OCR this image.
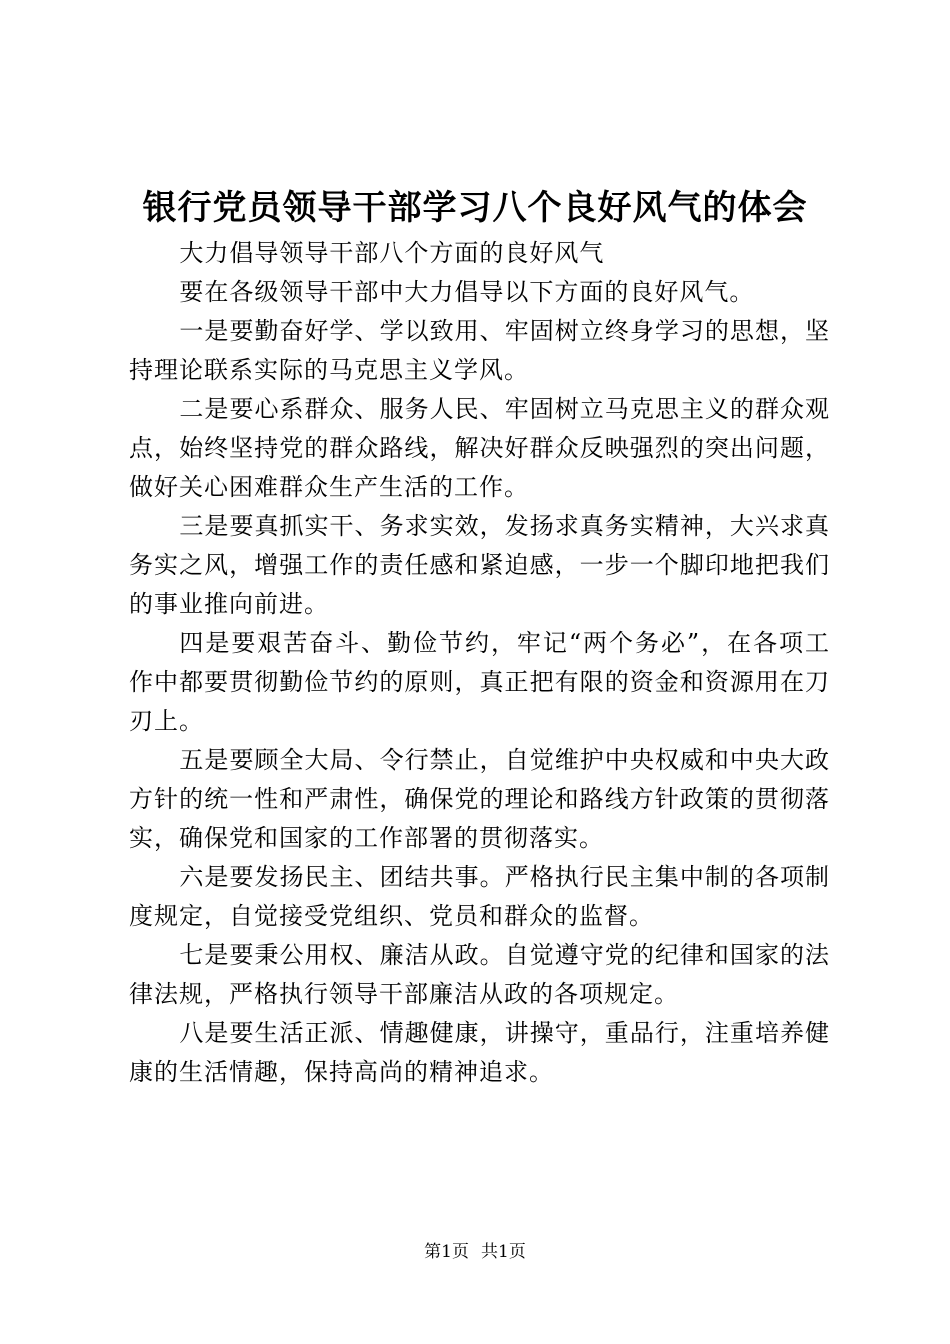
银行党员领导干部学习八个良好风气的体会

大力倡导领导干部八个方面的良好风气

要在各级领导干部中大力倡导以下方面的良好风气。

一是要勤奋好学、学以致用、牢固树立终身学习的思想，坚持理论联系实际的马克思主义学风。

二是要心系群众、服务人民、牢固树立马克思主义的群众观点，始终坚持党的群众路线，解决好群众反映强烈的突出问题，做好关心困难群众生产生活的工作。

三是要真抓实干、务求实效，发扬求真务实精神，大兴求真务实之风，增强工作的责任感和紧迫感，一步一个脚印地把我们的事业推向前进。

四是要艰苦奋斗、勤俭节约，牢记“两个务必”，在各项工作中都要贯彻勤俭节约的原则，真正把有限的资金和资源用在刀刃上。

五是要顾全大局、令行禁止，自觉维护中央权威和中央大政方针的统一性和严肃性，确保党的理论和路线方针政策的贯彻落实，确保党和国家的工作部署的贯彻落实。

六是要发扬民主、团结共事。严格执行民主集中制的各项制度规定，自觉接受党组织、党员和群众的监督。

七是要秉公用权、廉洁从政。自觉遵守党的纪律和国家的法律法规，严格执行领导干部廉洁从政的各项规定。

八是要生活正派、情趣健康，讲操守，重品行，注重培养健康的生活情趣，保持高尚的精神追求。

第1页 共1页
